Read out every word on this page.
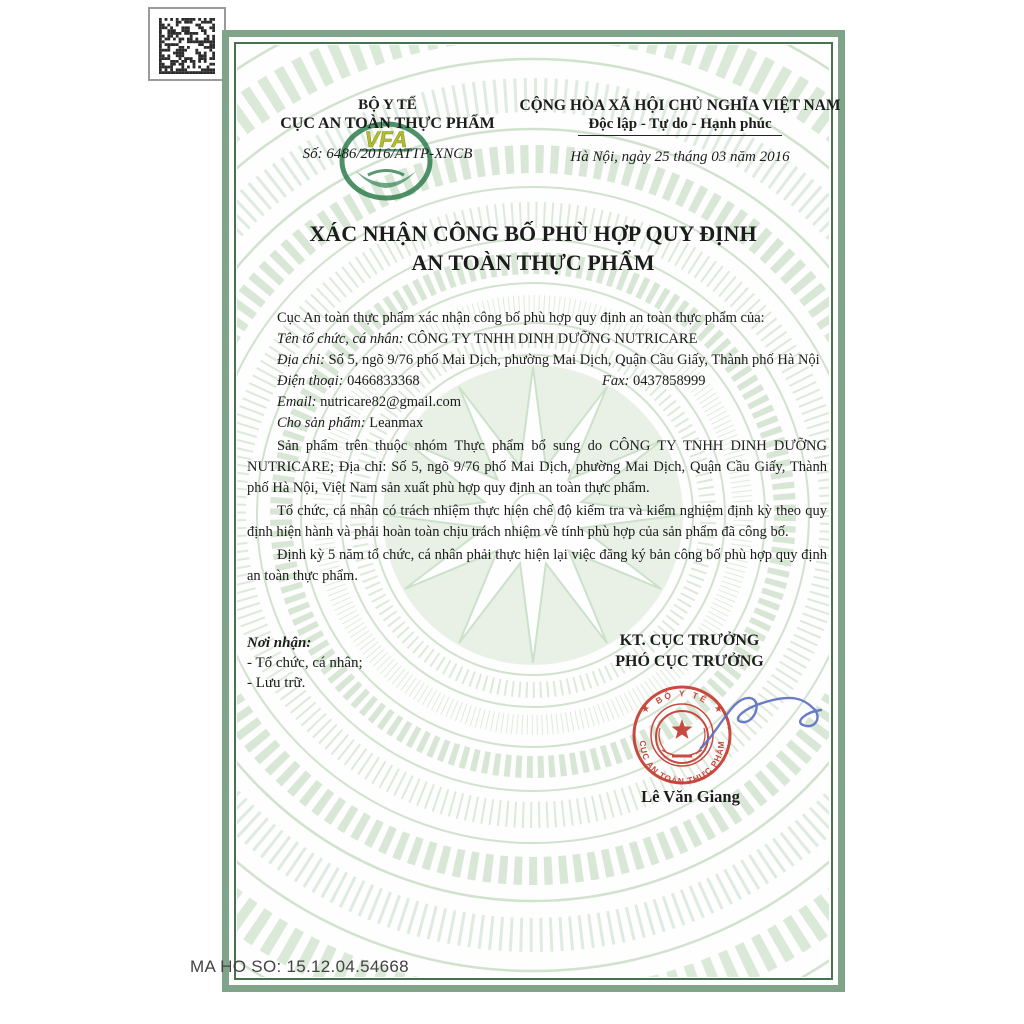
VFA
BỘ Y TẾ
CỤC AN TOÀN THỰC PHẨM
Số: 6486/2016/ATTP-XNCB
CỘNG HÒA XÃ HỘI CHỦ NGHĨA VIỆT NAM
Độc lập - Tự do - Hạnh phúc
Hà Nội, ngày 25 tháng 03 năm 2016
XÁC NHẬN CÔNG BỐ PHÙ HỢP QUY ĐỊNH
AN TOÀN THỰC PHẨM

Cục An toàn thực phẩm xác nhận công bố phù hợp quy định an toàn thực phẩm của:

Tên tổ chức, cá nhân: CÔNG TY TNHH DINH DƯỠNG NUTRICARE

Địa chỉ: Số 5, ngõ 9/76 phố Mai Dịch, phường Mai Dịch, Quận Cầu Giấy, Thành phố Hà Nội

Điện thoại: 0466833368	Fax: 0437858999

Email: nutricare82@gmail.com

Cho sản phẩm: Leanmax

Sản phẩm trên thuộc nhóm Thực phẩm bổ sung do CÔNG TY TNHH DINH DƯỠNG NUTRICARE; Địa chỉ: Số 5, ngõ 9/76 phố Mai Dịch, phường Mai Dịch, Quận Cầu Giấy, Thành phố Hà Nội, Việt Nam sản xuất phù hợp quy định an toàn thực phẩm.

Tổ chức, cá nhân có trách nhiệm thực hiện chế độ kiểm tra và kiểm nghiệm định kỳ theo quy định hiện hành và phải hoàn toàn chịu trách nhiệm về tính phù hợp của sản phẩm đã công bố.

Định kỳ 5 năm tổ chức, cá nhân phải thực hiện lại việc đăng ký bản công bố phù hợp quy định an toàn thực phẩm.

Nơi nhận:
- Tổ chức, cá nhân;
- Lưu trữ.
KT. CỤC TRƯỞNG
PHÓ CỤC TRƯỞNG
★	★
BỘ Y TẾ
CỤC AN TOÀN THỰC PHẨM
Lê Văn Giang
MA HO SO: 15.12.04.54668
